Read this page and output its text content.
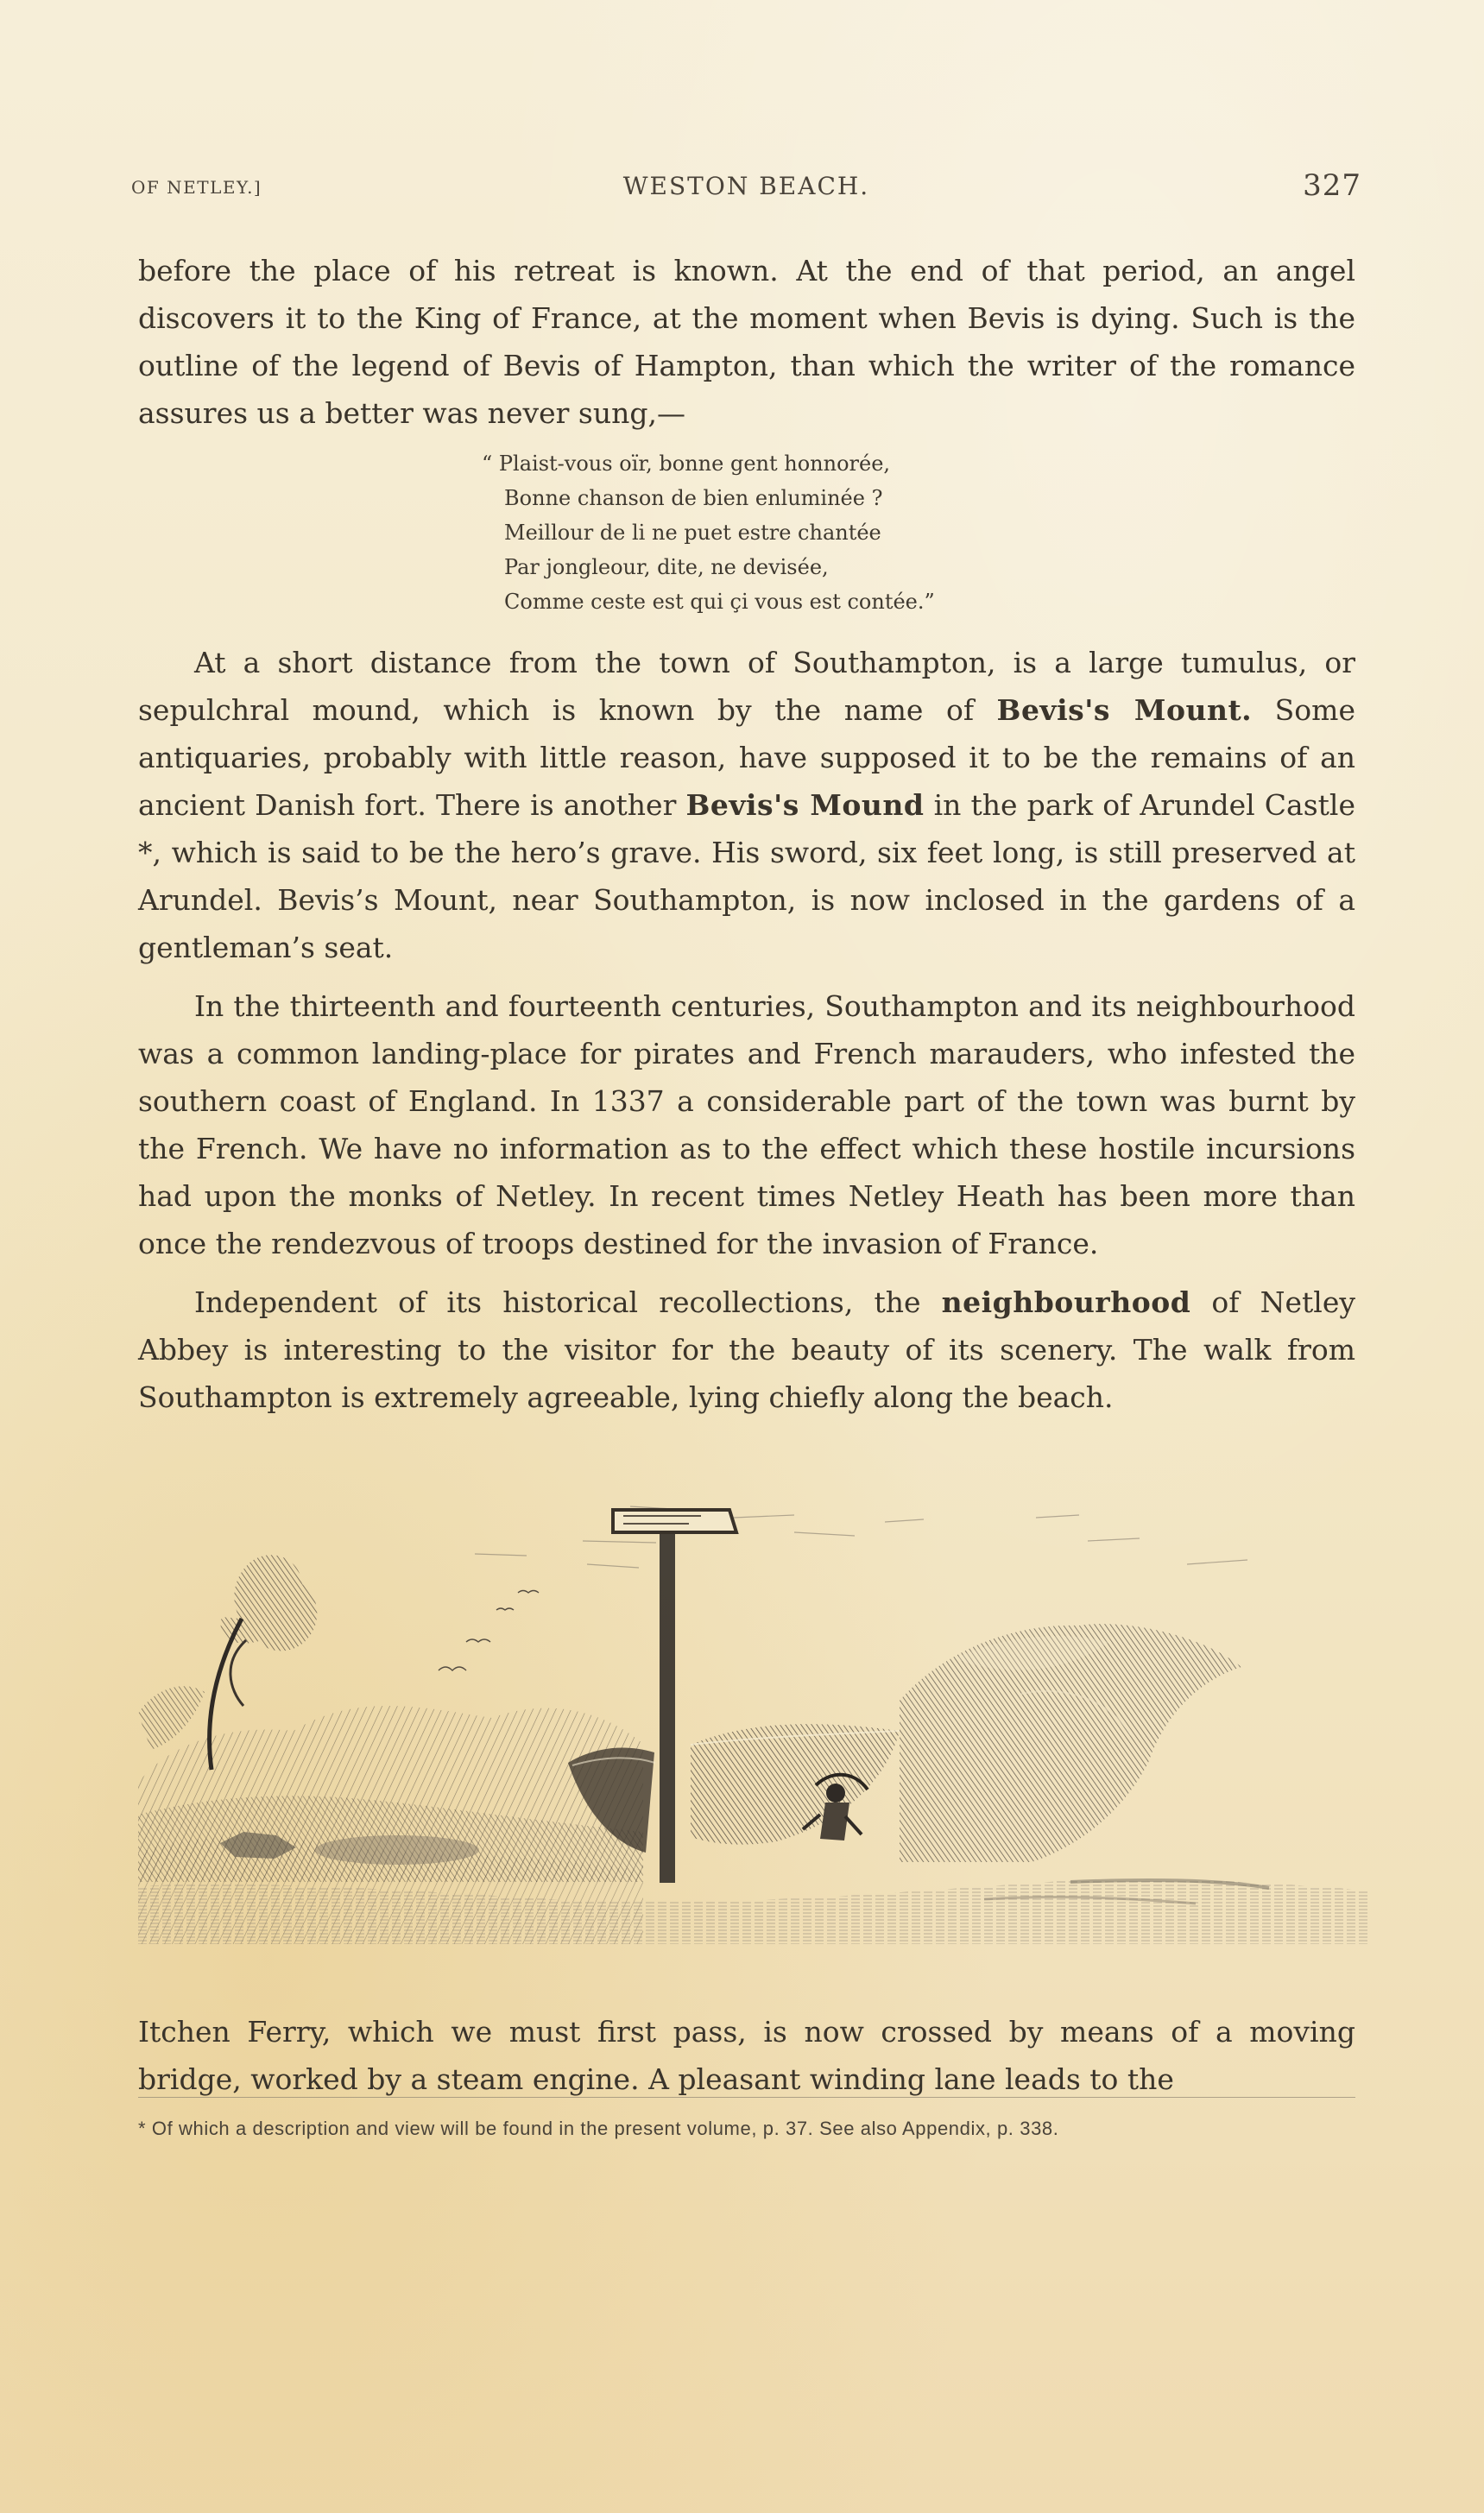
OF NETLEY.]	WESTON BEACH.	327

before the place of his retreat is known. At the end of that period, an angel discovers it to the King of France, at the moment when Bevis is dying. Such is the outline of the legend of Bevis of Hampton, than which the writer of the romance assures us a better was never sung,—

“ Plaist-vous oïr, bonne gent honnorée,
Bonne chanson de bien enluminée ?
Meillour de li ne puet estre chantée
Par jongleour, dite, ne devisée,
Comme ceste est qui çi vous est contée.”

At a short distance from the town of Southampton, is a large tumulus, or sepulchral mound, which is known by the name of Bevis's Mount. Some antiquaries, probably with little reason, have supposed it to be the remains of an ancient Danish fort. There is another Bevis's Mound in the park of Arundel Castle *, which is said to be the hero’s grave. His sword, six feet long, is still preserved at Arundel. Bevis’s Mount, near Southampton, is now inclosed in the gardens of a gentleman’s seat.

In the thirteenth and fourteenth centuries, Southampton and its neighbourhood was a common landing-place for pirates and French marauders, who infested the southern coast of England. In 1337 a considerable part of the town was burnt by the French. We have no information as to the effect which these hostile incursions had upon the monks of Netley. In recent times Netley Heath has been more than once the rendezvous of troops destined for the invasion of France.

Independent of its historical recollections, the neighbourhood of Netley Abbey is interesting to the visitor for the beauty of its scenery. The walk from Southampton is extremely agreeable, lying chiefly along the beach.

Itchen Ferry, which we must first pass, is now crossed by means of a moving bridge, worked by a steam engine. A pleasant winding lane leads to the

* Of which a description and view will be found in the present volume, p. 37. See also Appendix, p. 338.
